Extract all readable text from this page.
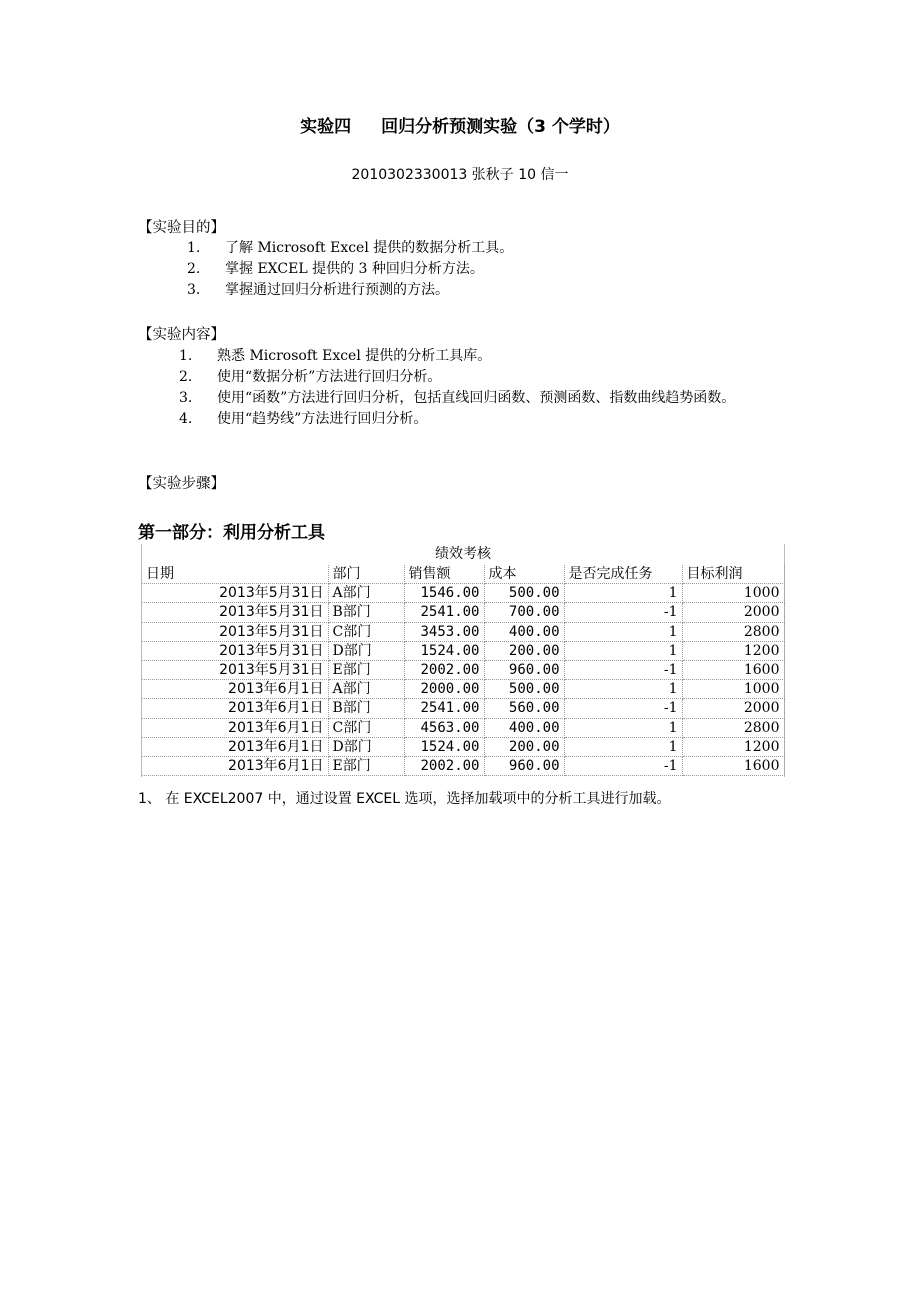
实验四 回归分析预测实验（3 个学时）
2010302330013 张秋子 10 信一
【实验目的】
1. 了解 Microsoft Excel 提供的数据分析工具。
2. 掌握 EXCEL 提供的 3 种回归分析方法。
3. 掌握通过回归分析进行预测的方法。
【实验内容】
1. 熟悉 Microsoft Excel 提供的分析工具库。
2. 使用“数据分析”方法进行回归分析。
3. 使用“函数”方法进行回归分析，包括直线回归函数、预测函数、指数曲线趋势函数。
4. 使用“趋势线”方法进行回归分析。
【实验步骤】
第一部分：利用分析工具
绩效考核
日期	部门	销售额	成本	是否完成任务	目标利润
2013年5月31日	A部门	1546.00	500.00	1	1000
2013年5月31日	B部门	2541.00	700.00	-1	2000
2013年5月31日	C部门	3453.00	400.00	1	2800
2013年5月31日	D部门	1524.00	200.00	1	1200
2013年5月31日	E部门	2002.00	960.00	-1	1600
2013年6月1日	A部门	2000.00	500.00	1	1000
2013年6月1日	B部门	2541.00	560.00	-1	2000
2013年6月1日	C部门	4563.00	400.00	1	2800
2013年6月1日	D部门	1524.00	200.00	1	1200
2013年6月1日	E部门	2002.00	960.00	-1	1600
1、 在 EXCEL2007 中，通过设置 EXCEL 选项，选择加载项中的分析工具进行加载。
